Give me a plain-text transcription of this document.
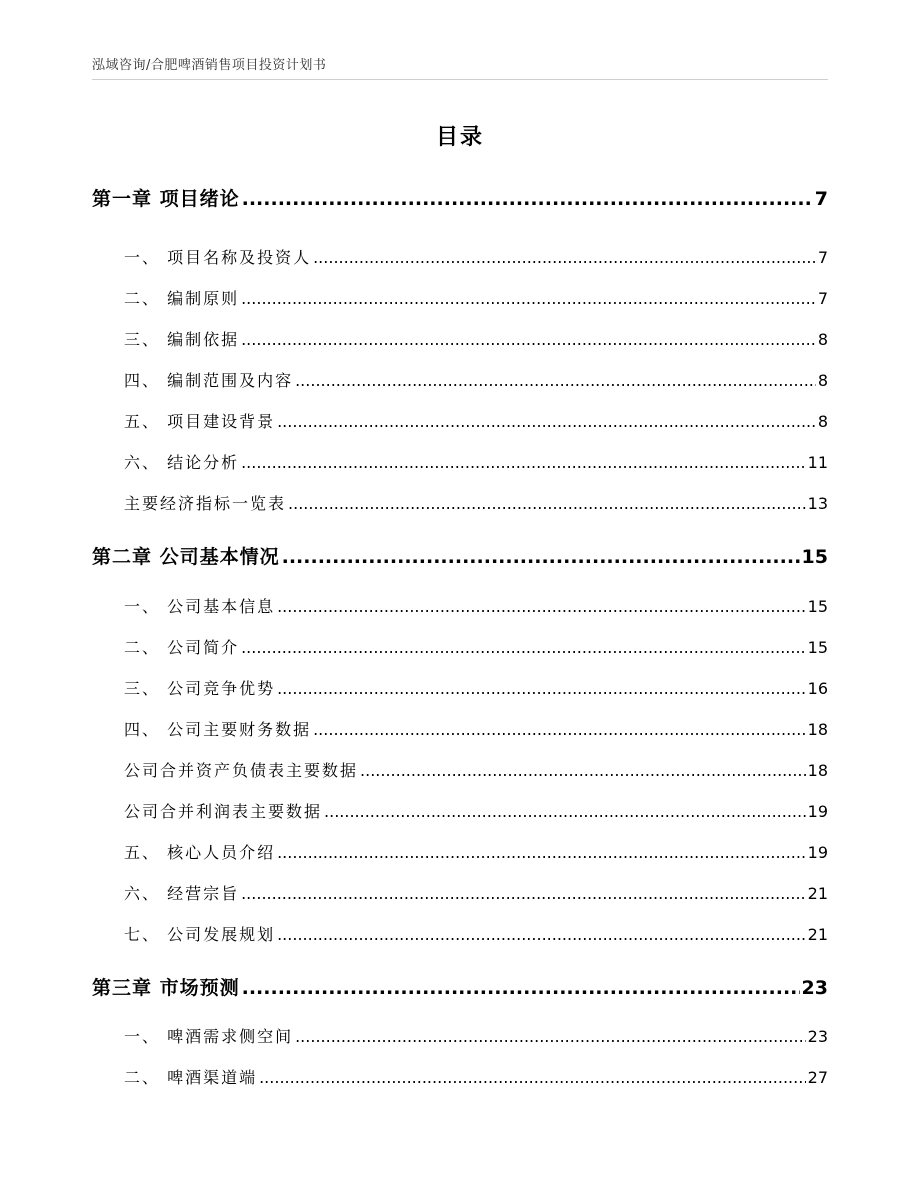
泓域咨询/合肥啤酒销售项目投资计划书
目录
第一章 项目绪论 .....	7
一、 项目名称及投资人 .....	7
二、 编制原则 .....	7
三、 编制依据 .....	8
四、 编制范围及内容 .....	8
五、 项目建设背景 .....	8
六、 结论分析 .....	11
主要经济指标一览表 .....	13
第二章 公司基本情况 .....	15
一、 公司基本信息 .....	15
二、 公司简介 .....	15
三、 公司竞争优势 .....	16
四、 公司主要财务数据 .....	18
公司合并资产负债表主要数据 .....	18
公司合并利润表主要数据 .....	19
五、 核心人员介绍 .....	19
六、 经营宗旨 .....	21
七、 公司发展规划 .....	21
第三章 市场预测 .....	23
一、 啤酒需求侧空间 .....	23
二、 啤酒渠道端 .....	27
